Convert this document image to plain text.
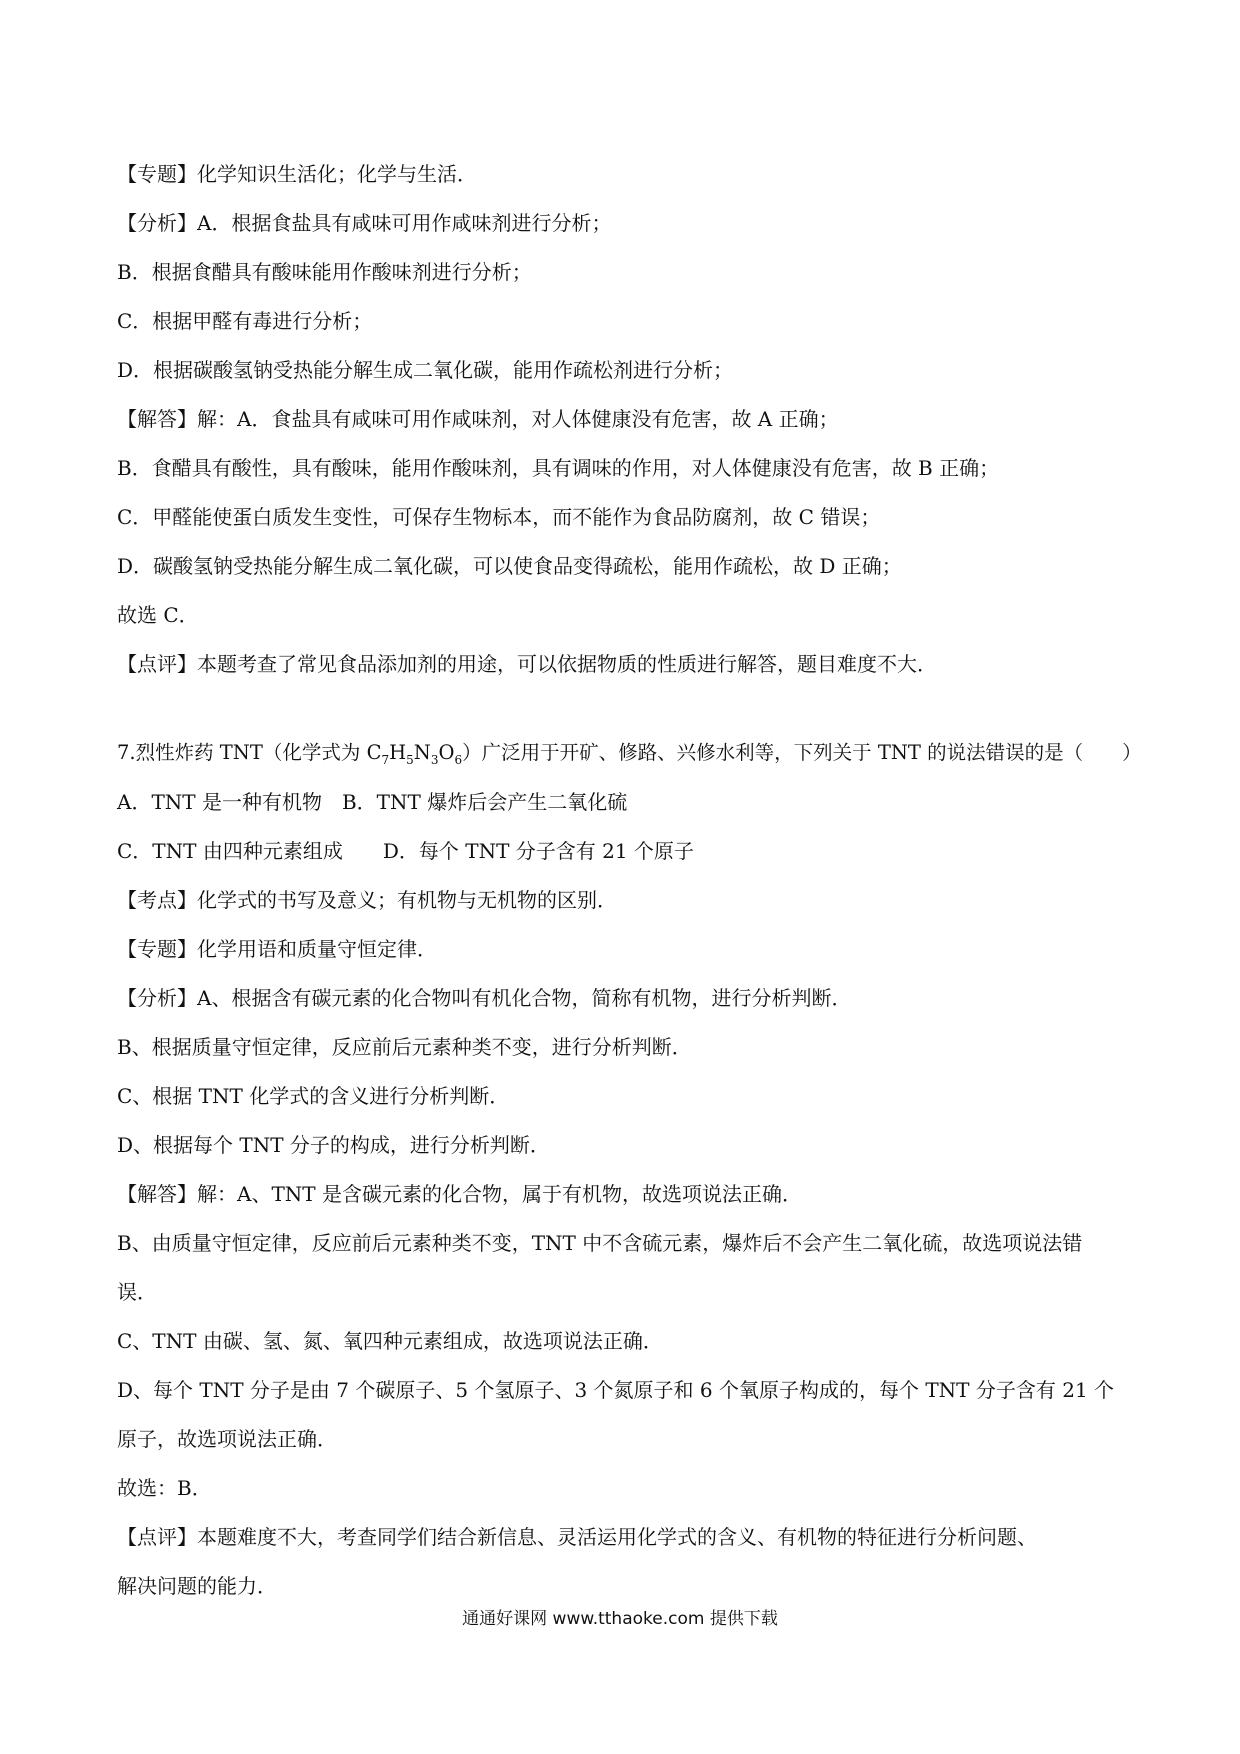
【专题】化学知识生活化；化学与生活．
【分析】A．根据食盐具有咸味可用作咸味剂进行分析；
B．根据食醋具有酸味能用作酸味剂进行分析；
C．根据甲醛有毒进行分析；
D．根据碳酸氢钠受热能分解生成二氧化碳，能用作疏松剂进行分析；
【解答】解：A．食盐具有咸味可用作咸味剂，对人体健康没有危害，故 A 正确；
B．食醋具有酸性，具有酸味，能用作酸味剂，具有调味的作用，对人体健康没有危害，故 B 正确；
C．甲醛能使蛋白质发生变性，可保存生物标本，而不能作为食品防腐剂，故 C 错误；
D．碳酸氢钠受热能分解生成二氧化碳，可以使食品变得疏松，能用作疏松，故 D 正确；
故选 C．
【点评】本题考查了常见食品添加剂的用途，可以依据物质的性质进行解答，题目难度不大．
7.烈性炸药 TNT（化学式为 $C_7H_5N_3O_6$）广泛用于开矿、修路、兴修水利等，下列关于 TNT 的说法错误的是（　　）
A．TNT 是一种有机物　B．TNT 爆炸后会产生二氧化硫
C．TNT 由四种元素组成　　D．每个 TNT 分子含有 21 个原子
【考点】化学式的书写及意义；有机物与无机物的区别．
【专题】化学用语和质量守恒定律．
【分析】A、根据含有碳元素的化合物叫有机化合物，简称有机物，进行分析判断．
B、根据质量守恒定律，反应前后元素种类不变，进行分析判断．
C、根据 TNT 化学式的含义进行分析判断．
D、根据每个 TNT 分子的构成，进行分析判断．
【解答】解：A、TNT 是含碳元素的化合物，属于有机物，故选项说法正确．
B、由质量守恒定律，反应前后元素种类不变，TNT 中不含硫元素，爆炸后不会产生二氧化硫，故选项说法错
误．
C、TNT 由碳、氢、氮、氧四种元素组成，故选项说法正确．
D、每个 TNT 分子是由 7 个碳原子、5 个氢原子、3 个氮原子和 6 个氧原子构成的，每个 TNT 分子含有 21 个
原子，故选项说法正确．
故选：B．
【点评】本题难度不大，考查同学们结合新信息、灵活运用化学式的含义、有机物的特征进行分析问题、
解决问题的能力．
通通好课网 www.tthaoke.com 提供下载
